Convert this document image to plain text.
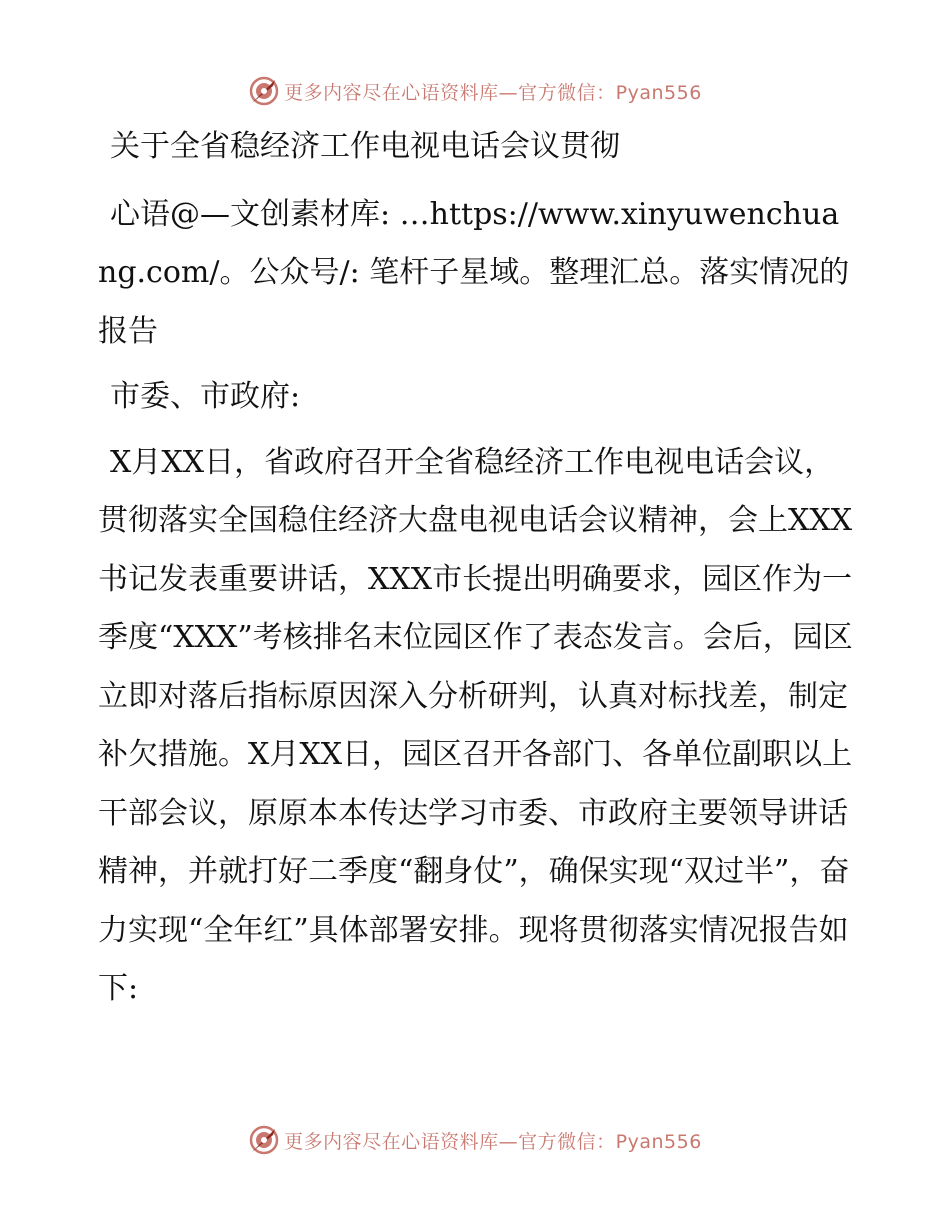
更多内容尽在心语资料库—官方微信：Pyan556

关于全省稳经济工作电视电话会议贯彻

心语@—文创素材库: …https://www.xinyuwenchuang.com/。公众号/: 笔杆子星域。整理汇总。落实情况的报告

市委、市政府:

X月XX日，省政府召开全省稳经济工作电视电话会议，贯彻落实全国稳住经济大盘电视电话会议精神，会上XXX书记发表重要讲话，XXX市长提出明确要求，园区作为一季度“XXX”考核排名末位园区作了表态发言。会后，园区立即对落后指标原因深入分析研判，认真对标找差，制定补欠措施。X月XX日，园区召开各部门、各单位副职以上干部会议，原原本本传达学习市委、市政府主要领导讲话精神，并就打好二季度“翻身仗”，确保实现“双过半”，奋力实现“全年红”具体部署安排。现将贯彻落实情况报告如下:

更多内容尽在心语资料库—官方微信：Pyan556
